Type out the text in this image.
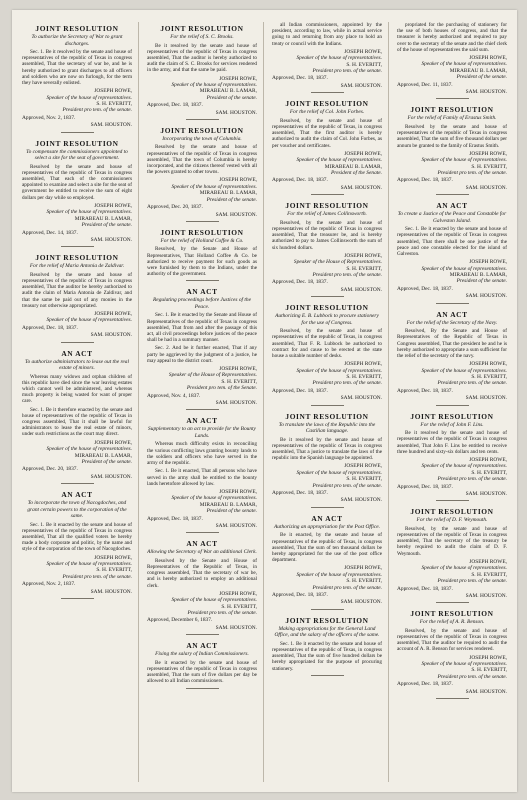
JOINT RESOLUTION
To authorize the Secretary of War to grant discharges.
Sec. 1. Be it resolved by the senate and house of representatives of the republic of Texas in congress assembled, That the secretary of war be, and he is hereby authorized to grant discharges to all officers and soldiers who are now on furlough, for the term they have severally enlisted.
JOSEPH ROWE,
Speaker of the house of representatives.
S. H. EVERITT,
President pro tem. of the senate.
Approved, Nov. 2, 1837.
SAM. HOUSTON.
JOINT RESOLUTION
To compensate the commissioners appointed to select a site for the seat of government.
Resolved by the senate and house of representatives of the republic of Texas in congress assembled, That each of the commissioners appointed to examine and select a site for the seat of government be entitled to receive the sum of eight dollars per day while so employed.
JOSEPH ROWE,
Speaker of the house of representatives.
MIRABEAU B. LAMAR,
President of the senate.
Approved, Dec. 14, 1837.
SAM. HOUSTON.
JOINT RESOLUTION
For the relief of Maria Antonia de Zaldivar.
Resolved by the senate and house of representatives of the republic of Texas in congress assembled, That the auditor be hereby authorized to audit the claim of Maria Antonia de Zaldivar, and that the same be paid out of any monies in the treasury not otherwise appropriated.
JOSEPH ROWE,
Speaker of the house of representatives.
Approved, Dec. 18, 1837.
SAM. HOUSTON.
AN ACT
To authorize administrators to lease out the real estate of minors.
Whereas many widows and orphan children of this republic have died since the war leaving estates which cannot well be administered, and whereas much property is being wasted for want of proper care.
Sec. 1. Be it therefore enacted by the senate and house of representatives of the republic of Texas in congress assembled, That it shall be lawful for administrators to lease the real estate of minors, under such restrictions as the court may direct.
JOSEPH ROWE,
Speaker of the house of representatives.
MIRABEAU B. LAMAR,
President of the senate.
Approved, Dec. 20, 1837.
SAM. HOUSTON.
AN ACT
To incorporate the town of Nacogdoches, and grant certain powers to the corporation of the same.
Sec. 1. Be it enacted by the senate and house of representatives of the republic of Texas in congress assembled, That all the qualified voters be hereby made a body corporate and politic, by the name and style of the corporation of the town of Nacogdoches.
JOSEPH ROWE,
Speaker of the house of representatives.
S. H. EVERITT,
President pro tem. of the senate.
Approved, Nov. 2, 1837.
SAM. HOUSTON.
JOINT RESOLUTION
For the relief of S. C. Brooks.
Be it resolved by the senate and house of representatives of the republic of Texas in congress assembled, That the auditor is hereby authorized to audit the claim of S. C. Brooks for services rendered in the army, and that the same be paid.
JOSEPH ROWE,
Speaker of the house of representatives.
MIRABEAU B. LAMAR,
President of the senate.
Approved, Dec. 18, 1837.
SAM. HOUSTON.
JOINT RESOLUTION
Incorporating the town of Columbia.
Resolved by the senate and house of representatives of the republic of Texas in congress assembled, That the town of Columbia is hereby incorporated, and the citizens thereof vested with all the powers granted to other towns.
JOSEPH ROWE,
Speaker of the house of representatives.
MIRABEAU B. LAMAR,
President of the senate.
Approved, Dec. 20, 1837.
SAM. HOUSTON.
JOINT RESOLUTION
For the relief of Holland Coffee & Co.
Resolved, by the Senate and House of Representatives, That Holland Coffee & Co. be authorized to receive payment for such goods as were furnished by them to the Indians, under the authority of the government.
AN ACT
Regulating proceedings before Justices of the Peace.
Sec. 1. Be it enacted by the Senate and House of Representatives of the republic of Texas in congress assembled, That from and after the passage of this act, all civil proceedings before justices of the peace shall be had in a summary manner.
Sec. 2. And be it further enacted, That if any party be aggrieved by the judgment of a justice, he may appeal to the district court.
JOSEPH ROWE,
Speaker of the House of Representatives.
S. H. EVERITT,
President pro tem. of the Senate.
Approved, Nov. 4, 1837.
SAM. HOUSTON.
AN ACT
Supplementary to an act to provide for the Bounty Lands.
Whereas much difficulty exists in reconciling the various conflicting laws granting bounty lands to the soldiers and officers who have served in the army of the republic.
Sec. 1. Be it enacted, That all persons who have served in the army shall be entitled to the bounty lands heretofore allowed by law.
JOSEPH ROWE,
Speaker of the house of representatives.
MIRABEAU B. LAMAR,
President of the senate.
Approved, Dec. 18, 1837.
SAM. HOUSTON.
AN ACT
Allowing the Secretary of War an additional Clerk.
Resolved by the Senate and House of Representatives of the Republic of Texas, in congress assembled, That the secretary of war be, and is hereby authorized to employ an additional clerk.
JOSEPH ROWE,
Speaker of the house of representatives.
S. H. EVERITT,
President pro tem. of the senate.
Approved, December 6, 1837.
SAM. HOUSTON.
AN ACT
Fixing the salary of Indian Commissioners.
Be it enacted by the senate and house of representatives of the republic of Texas in congress assembled, That the sum of five dollars per day be allowed to all Indian commissioners.
all Indian commissioners, appointed by the president, according to law, while in actual service going to and returning from any place to hold an treaty or council with the Indians.
JOSEPH ROWE,
Speaker of the house of representatives.
S. H. EVERITT,
President pro tem. of the senate.
Approved, Dec. 18, 1837.
SAM. HOUSTON.
JOINT RESOLUTION
For the relief of Col. John Forbes.
Resolved, by the senate and house of representatives of the republic of Texas, in congress assembled, That the first auditor is hereby authorized to audit the claim of Col. John Forbes, as per voucher and certificates.
JOSEPH ROWE,
Speaker of the house of representatives.
MIRABEAU B. LAMAR,
President of the Senate.
Approved, Dec. 18, 1837.
SAM. HOUSTON.
JOINT RESOLUTION
For the relief of James Collinsworth.
Resolved, by the senate and house of representatives of the republic of Texas in congress assembled, That the treasurer be, and is hereby authorized to pay to James Collinsworth the sum of six hundred dollars.
JOSEPH ROWE,
Speaker of the House of Representatives.
S. H. EVERITT,
President pro tem. of the senate.
Approved, Dec. 18, 1837.
SAM. HOUSTON.
JOINT RESOLUTION
Authorizing E. B. Lubbock to procure stationery for the use of Congress.
Resolved, by the senate and house of representatives of the republic of Texas, in congress assembled, That F. R. Lubbock be authorized to contract for and cause to be erected at the state house a suitable number of desks.
JOSEPH ROWE,
Speaker of the house of representatives.
S. H. EVERITT,
President pro tem. of the senate.
Approved, Dec. 18, 1837.
SAM. HOUSTON.
JOINT RESOLUTION
To translate the laws of the Republic into the Castilian language.
Be it resolved by the senate and house of representatives of the republic of Texas in congress assembled, That a justice to translate the laws of the republic into the Spanish language be appointed.
JOSEPH ROWE,
Speaker of the house of representatives.
S. H. EVERITT,
President pro tem. of the senate.
Approved, Dec. 18, 1837.
SAM. HOUSTON.
AN ACT
Authorizing an appropriation for the Post Office.
Be it enacted, by the senate and house of representatives of the republic of Texas, in congress assembled, That the sum of ten thousand dollars be hereby appropriated for the use of the post office department.
JOSEPH ROWE,
Speaker of the house of representatives.
S. H. EVERITT,
President pro tem. of the senate.
Approved, Dec. 18, 1837.
SAM. HOUSTON.
JOINT RESOLUTION
Making appropriations for the General Land Office, and the salary of the officers of the same.
Sec. 1. Be it enacted by the senate and house of representatives of the republic of Texas, in congress assembled, That the sum of five hundred dollars be hereby appropriated for the purpose of procuring stationery.
propriated for the purchasing of stationery for the use of both houses of congress, and that the treasurer is hereby authorized and required to pay over to the secretary of the senate and the chief clerk of the house of representatives the said sum.
JOSEPH ROWE,
Speaker of the house of representatives.
MIRABEAU B. LAMAR,
President of the senate.
Approved, Dec. 11, 1837.
SAM. HOUSTON.
JOINT RESOLUTION
For the relief of Family of Erastus Smith.
Resolved by the senate and house of representatives of the republic of Texas in congress assembled, That the sum of five thousand dollars per annum be granted to the family of Erastus Smith.
JOSEPH ROWE,
Speaker of the house of representatives.
S. H. EVERITT,
President pro tem. of the senate.
Approved, Dec. 18, 1837.
SAM. HOUSTON.
AN ACT
To create a Justice of the Peace and Constable for Galveston Island.
Sec. 1. Be it enacted by the senate and house of representatives of the republic of Texas in congress assembled, That there shall be one justice of the peace and one constable elected for the island of Galveston.
JOSEPH ROWE,
Speaker of the house of representatives.
MIRABEAU B. LAMAR,
President of the senate.
Approved, Dec. 18, 1837.
SAM. HOUSTON.
AN ACT
For the relief of the Secretary of the Navy.
Resolved, By the Senate and House of Representatives of the Republic of Texas in Congress assembled, That the president be and he is hereby authorized to appropriate a sum sufficient for the relief of the secretary of the navy.
JOSEPH ROWE,
Speaker of the house of representatives.
S. H. EVERITT,
President pro tem. of the senate.
Approved, Dec. 18, 1837.
SAM. HOUSTON.
JOINT RESOLUTION
For the relief of John F. Lins.
Be it resolved by the senate and house of representatives of the republic of Texas in congress assembled, That John F. Lins be entitled to receive three hundred and sixty-six dollars and ten cents.
JOSEPH ROWE,
Speaker of the house of representatives.
S. H. EVERITT,
President pro tem. of the senate.
Approved, Dec. 18, 1837.
SAM. HOUSTON.
JOINT RESOLUTION
For the relief of D. F. Weymouth.
Resolved, by the senate and house of representatives of the republic of Texas in congress assembled, That the secretary of the treasury be hereby required to audit the claim of D. F. Weymouth.
JOSEPH ROWE,
Speaker of the house of representatives.
S. H. EVERITT,
President pro tem. of the senate.
Approved, Dec. 18, 1837.
SAM. HOUSTON.
JOINT RESOLUTION
For the relief of A. R. Benson.
Resolved, by the senate and house of representatives of the republic of Texas in congress assembled, That the auditor be required to audit the account of A. R. Benson for services rendered.
JOSEPH ROWE,
Speaker of the house of representatives.
S. H. EVERITT,
President pro tem. of the senate.
Approved, Dec. 18, 1837.
SAM. HOUSTON.
